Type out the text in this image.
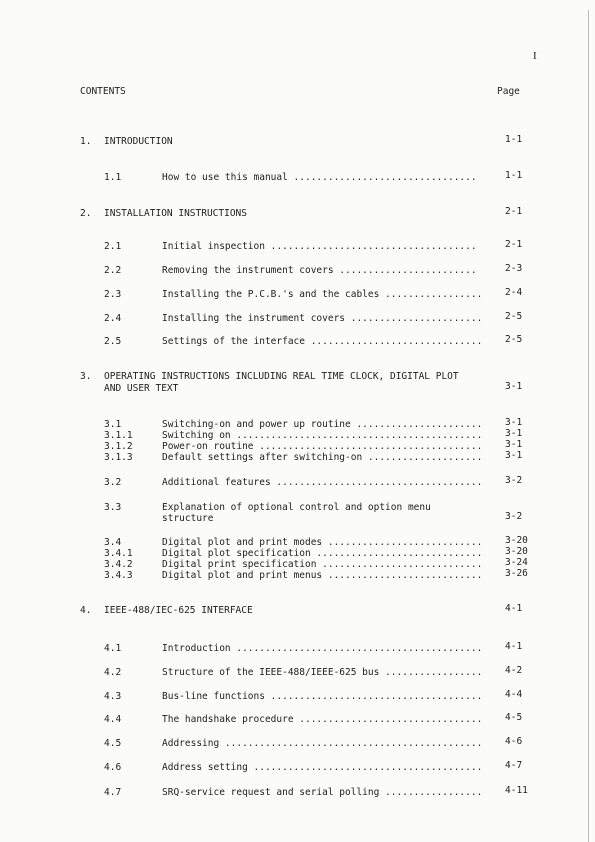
I
CONTENTS	Page
1. INTRODUCTION	1-1
1.1	How to use this manual ................................	1-1
2. INSTALLATION INSTRUCTIONS	2-1
2.1	Initial inspection ....................................	2-1
2.2	Removing the instrument covers ........................	2-3
2.3	Installing the P.C.B.'s and the cables .................	2-4
2.4	Installing the instrument covers .......................	2-5
2.5	Settings of the interface ..............................	2-5
3. OPERATING INSTRUCTIONS INCLUDING REAL TIME CLOCK, DIGITAL PLOT
AND USER TEXT	3-1
3.1	Switching-on and power up routine ......................	3-1
3.1.1	Switching on ...........................................	3-1
3.1.2	Power-on routine .......................................	3-1
3.1.3	Default settings after switching-on ....................	3-1
3.2	Additional features ....................................	3-2
3.3	Explanation of optional control and option menu
structure	3-2
3.4	Digital plot and print modes ...........................	3-20
3.4.1	Digital plot specification .............................	3-20
3.4.2	Digital print specification ............................	3-24
3.4.3	Digital plot and print menus ...........................	3-26
4. IEEE-488/IEC-625 INTERFACE	4-1
4.1	Introduction ...........................................	4-1
4.2	Structure of the IEEE-488/IEEE-625 bus .................	4-2
4.3	Bus-line functions .....................................	4-4
4.4	The handshake procedure ................................	4-5
4.5	Addressing .............................................	4-6
4.6	Address setting ........................................	4-7
4.7	SRQ-service request and serial polling .................	4-11
